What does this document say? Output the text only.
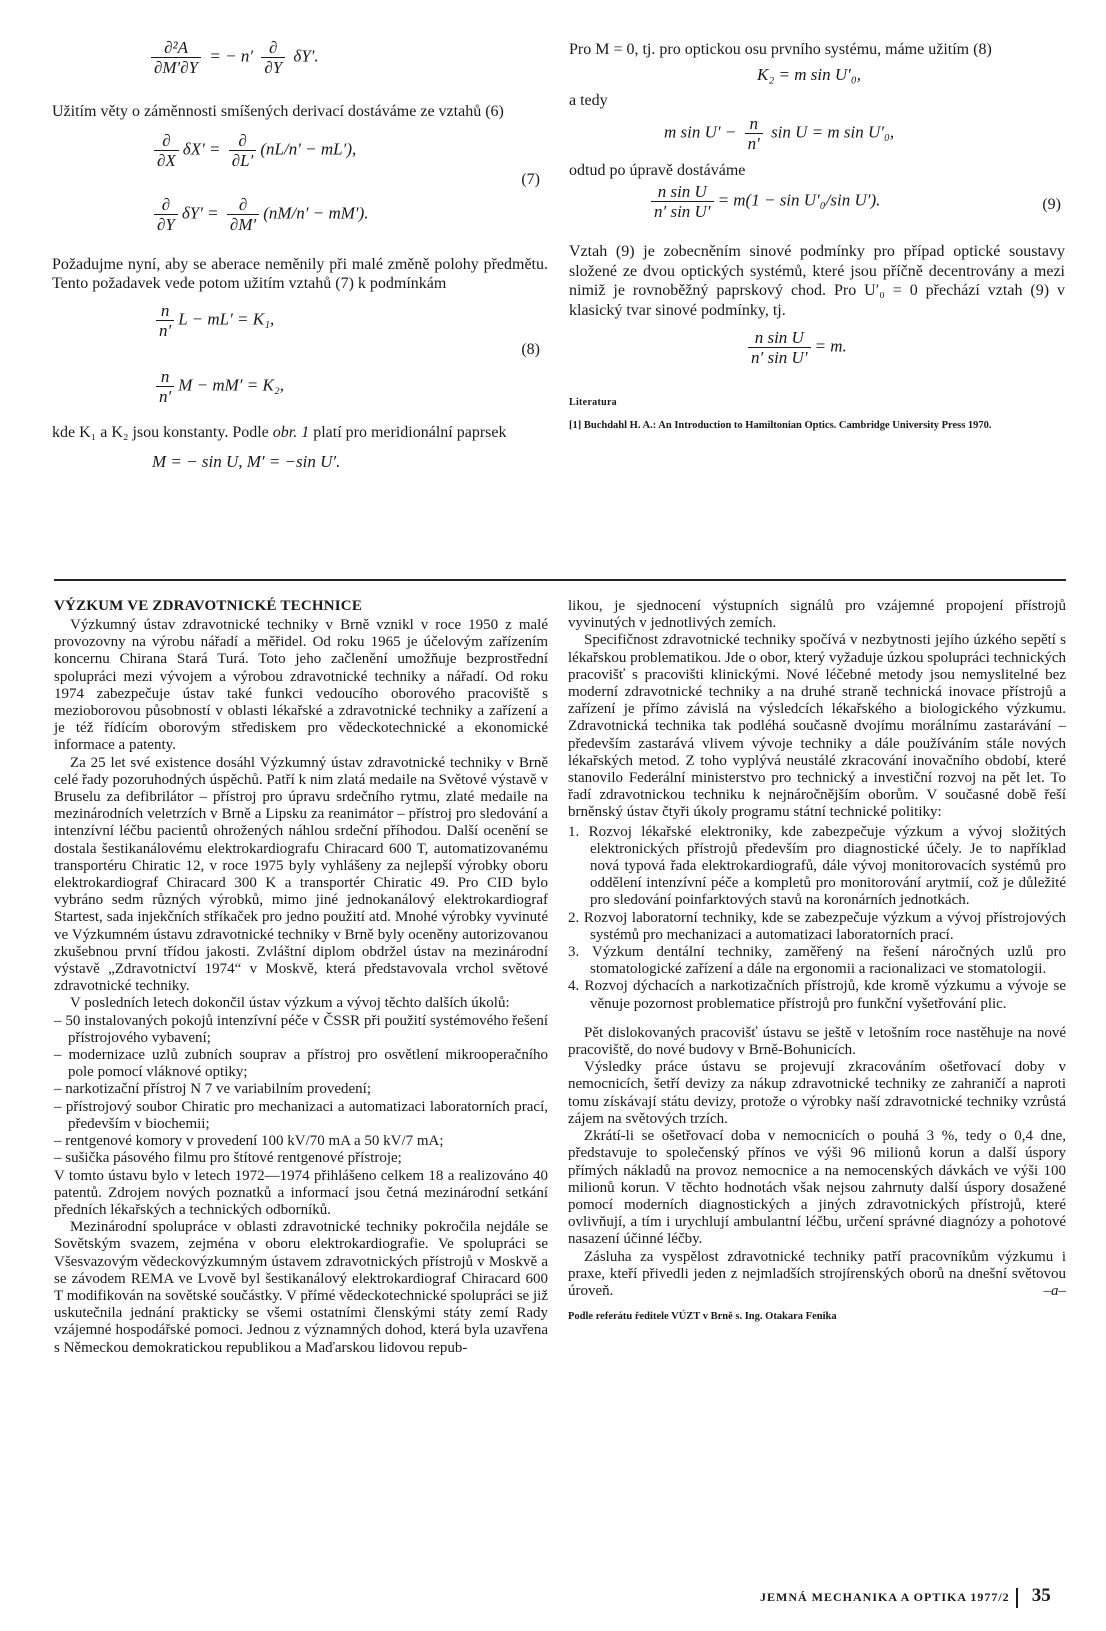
$\frac{\text{∂²A}}{\partial M'\partial Y}$ = − $n' \frac{\partial}{\partial Y} \delta Y'$.

Užitím věty o záměnnosti smíšených derivací dostáváme ze vztahů (6)

$\frac{\partial}{\partial X} \delta X' = \frac{\partial}{\partial L'} (nL/n' - mL')$,
(7)
$\frac{\partial}{\partial Y} \delta Y' = \frac{\partial}{\partial M'} (nM/n' - mM')$.

Požadujme nyní, aby se aberace neměnily při malé změně polohy předmětu. Tento požadavek vede potom užitím vztahů (7) k podmínkám

$\frac{n}{n'}$ L − mL′ = K₁,
(8)
$\frac{n}{n'}$ M − mM′ = K₂,

kde K₁ a K₂ jsou konstanty. Podle obr. 1 platí pro meridionální paprsek

M = − sin U, M′ = −sin U′.

Pro M = 0, tj. pro optickou osu prvního systému, máme užitím (8)

K₂ = m sin U′₀,

a tedy

m $\sin U' - \frac{n}{n'}$ sin U = m sin U′₀,

odtud po úpravě dostáváme

$\frac{\text{n sin U}}{\text{n′ sin U′}} = m(1 - \sin U'_0/\sin$ U′).	(9)

Vztah (9) je zobecněním sinové podmínky pro případ optické soustavy složené ze dvou optických systémů, které jsou příčně decentrovány a mezi nimiž je rovnoběžný paprskový chod. Pro U′₀ = 0 přechází vztah (9) v klasický tvar sinové podmínky, tj.

$\frac{\text{n sin U}}{\text{n′ sin U′}} = m$.
Literatura
[1] Buchdahl H. A.: An Introduction to Hamiltonian Optics. Cambridge University Press 1970.
VÝZKUM VE ZDRAVOTNICKÉ TECHNICE

Výzkumný ústav zdravotnické techniky v Brně vznikl v roce 1950 z malé provozovny na výrobu nářadí a měřidel. Od roku 1965 je účelovým zařízením koncernu Chirana Stará Turá. Toto jeho začlenění umožňuje bezprostřední spolupráci mezi vývojem a výrobou zdravotnické techniky a nářadí. Od roku 1974 zabezpečuje ústav také funkci vedoucího oborového pracoviště s mezioborovou působností v oblasti lékařské a zdravotnické techniky a zařízení a je též řídícím oborovým střediskem pro vědeckotechnické a ekonomické informace a patenty.

Za 25 let své existence dosáhl Výzkumný ústav zdravotnické techniky v Brně celé řady pozoruhodných úspěchů. Patří k nim zlatá medaile na Světové výstavě v Bruselu za defibrilátor – přístroj pro úpravu srdečního rytmu, zlaté medaile na mezinárodních veletrzích v Brně a Lipsku za reanimátor – přístroj pro sledování a intenzívní léčbu pacientů ohrožených náhlou srdeční příhodou. Další ocenění se dostala šestikanálovému elektrokardiografu Chiracard 600 T, automatizovanému transportéru Chiratic 12, v roce 1975 byly vyhlášeny za nejlepší výrobky oboru elektrokardiograf Chiracard 300 K a transportér Chiratic 49. Pro CID bylo vybráno sedm různých výrobků, mimo jiné jednokanálový elektrokardiograf Startest, sada injekčních stříkaček pro jedno použití atd. Mnohé výrobky vyvinuté ve Výzkumném ústavu zdravotnické techniky v Brně byly oceněny autorizovanou zkušebnou první třídou jakosti. Zvláštní diplom obdržel ústav na mezinárodní výstavě „Zdravotnictví 1974“ v Moskvě, která představovala vrchol světové zdravotnické techniky.

V posledních letech dokončil ústav výzkum a vývoj těchto dalších úkolů:

– 50 instalovaných pokojů intenzívní péče v ČSSR při použití systémového řešení přístrojového vybavení;
– modernizace uzlů zubních souprav a přístroj pro osvětlení mikrooperačního pole pomocí vláknové optiky;
– narkotizační přístroj N 7 ve variabilním provedení;
– přístrojový soubor Chiratic pro mechanizaci a automatizaci laboratorních prací, především v biochemii;
– rentgenové komory v provedení 100 kV/70 mA a 50 kV/7 mA;
– sušička pásového filmu pro štítové rentgenové přístroje;

V tomto ústavu bylo v letech 1972—1974 přihlášeno celkem 18 a realizováno 40 patentů. Zdrojem nových poznatků a informací jsou četná mezinárodní setkání předních lékařských a technických odborníků.

Mezinárodní spolupráce v oblasti zdravotnické techniky pokročila nejdále se Sovětským svazem, zejména v oboru elektrokardiografie. Ve spolupráci se Všesvazovým vědeckovýzkumným ústavem zdravotnických přístrojů v Moskvě a se závodem REMA ve Lvově byl šestikanálový elektrokardiograf Chiracard 600 T modifikován na sovětské součástky. V přímé vědeckotechnické spolupráci se již uskutečnila jednání prakticky se všemi ostatními členskými státy zemí Rady vzájemné hospodářské pomoci. Jednou z významných dohod, která byla uzavřena s Německou demokratickou republikou a Maďarskou lidovou repub-

likou, je sjednocení výstupních signálů pro vzájemné propojení přístrojů vyvinutých v jednotlivých zemích.

Specifičnost zdravotnické techniky spočívá v nezbytnosti jejího úzkého sepětí s lékařskou problematikou. Jde o obor, který vyžaduje úzkou spolupráci technických pracovišť s pracovišti klinickými. Nové léčebné metody jsou nemyslitelné bez moderní zdravotnické techniky a na druhé straně technická inovace přístrojů a zařízení je přímo závislá na výsledcích lékařského a biologického výzkumu. Zdravotnická technika tak podléhá současně dvojímu morálnímu zastarávání – především zastarává vlivem vývoje techniky a dále používáním stále nových lékařských metod. Z toho vyplývá neustálé zkracování inovačního období, které stanovilo Federální ministerstvo pro technický a investiční rozvoj na pět let. To řadí zdravotnickou techniku k nejnáročnějším oborům. V současné době řeší brněnský ústav čtyři úkoly programu státní technické politiky:

1. Rozvoj lékařské elektroniky, kde zabezpečuje výzkum a vývoj složitých elektronických přístrojů především pro diagnostické účely. Je to například nová typová řada elektrokardiografů, dále vývoj monitorovacích systémů pro oddělení intenzívní péče a kompletů pro monitorování arytmií, což je důležité pro sledování poinfarktových stavů na koronárních jednotkách.
2. Rozvoj laboratorní techniky, kde se zabezpečuje výzkum a vývoj přístrojových systémů pro mechanizaci a automatizaci laboratorních prací.
3. Výzkum dentální techniky, zaměřený na řešení náročných uzlů pro stomatologické zařízení a dále na ergonomii a racionalizaci ve stomatologii.
4. Rozvoj dýchacích a narkotizačních přístrojů, kde kromě výzkumu a vývoje se věnuje pozornost problematice přístrojů pro funkční vyšetřování plic.

Pět dislokovaných pracovišť ústavu se ještě v letošním roce nastěhuje na nové pracoviště, do nové budovy v Brně-Bohunicích.

Výsledky práce ústavu se projevují zkracováním ošetřovací doby v nemocnicích, šetří devizy za nákup zdravotnické techniky ze zahraničí a naproti tomu získávají státu devizy, protože o výrobky naší zdravotnické techniky vzrůstá zájem na světových trzích.

Zkrátí-li se ošetřovací doba v nemocnicích o pouhá 3 %, tedy o 0,4 dne, představuje to společenský přínos ve výši 96 milionů korun a další úspory přímých nákladů na provoz nemocnice a na nemocenských dávkách ve výši 100 milionů korun. V těchto hodnotách však nejsou zahrnuty další úspory dosažené pomocí moderních diagnostických a jiných zdravotnických přístrojů, které ovlivňují, a tím i urychlují ambulantní léčbu, určení správné diagnózy a pohotové nasazení účinné léčby.

Zásluha za vyspělost zdravotnické techniky patří pracovníkům výzkumu i praxe, kteří přivedli jeden z nejmladších strojírenských oborů na dnešní světovou úroveň.	–a–

Podle referátu ředitele VÚZT v Brně s. Ing. Otakara Fenika
JEMNÁ MECHANIKA A OPTIKA 1977/2 35
